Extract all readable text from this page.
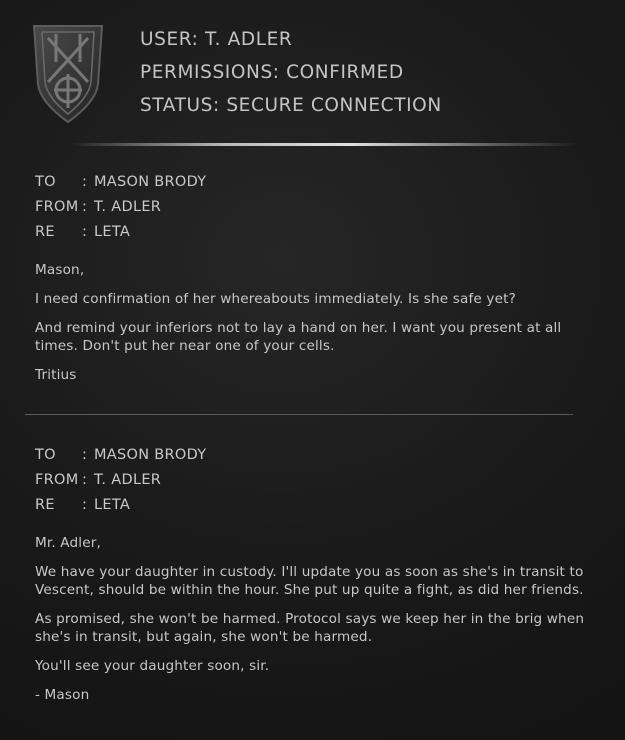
USER: T. ADLER
PERMISSIONS: CONFIRMED
STATUS: SECURE CONNECTION
TO : MASON BRODY
FROM : T. ADLER
RE : LETA

Mason,

I need confirmation of her whereabouts immediately. Is she safe yet?

And remind your inferiors not to lay a hand on her. I want you present at all times. Don't put her near one of your cells.

Tritius

TO : MASON BRODY
FROM : T. ADLER
RE : LETA

Mr. Adler,

We have your daughter in custody. I'll update you as soon as she's in transit to Vescent, should be within the hour. She put up quite a fight, as did her friends.

As promised, she won't be harmed. Protocol says we keep her in the brig when she's in transit, but again, she won't be harmed.

You'll see your daughter soon, sir.

- Mason
